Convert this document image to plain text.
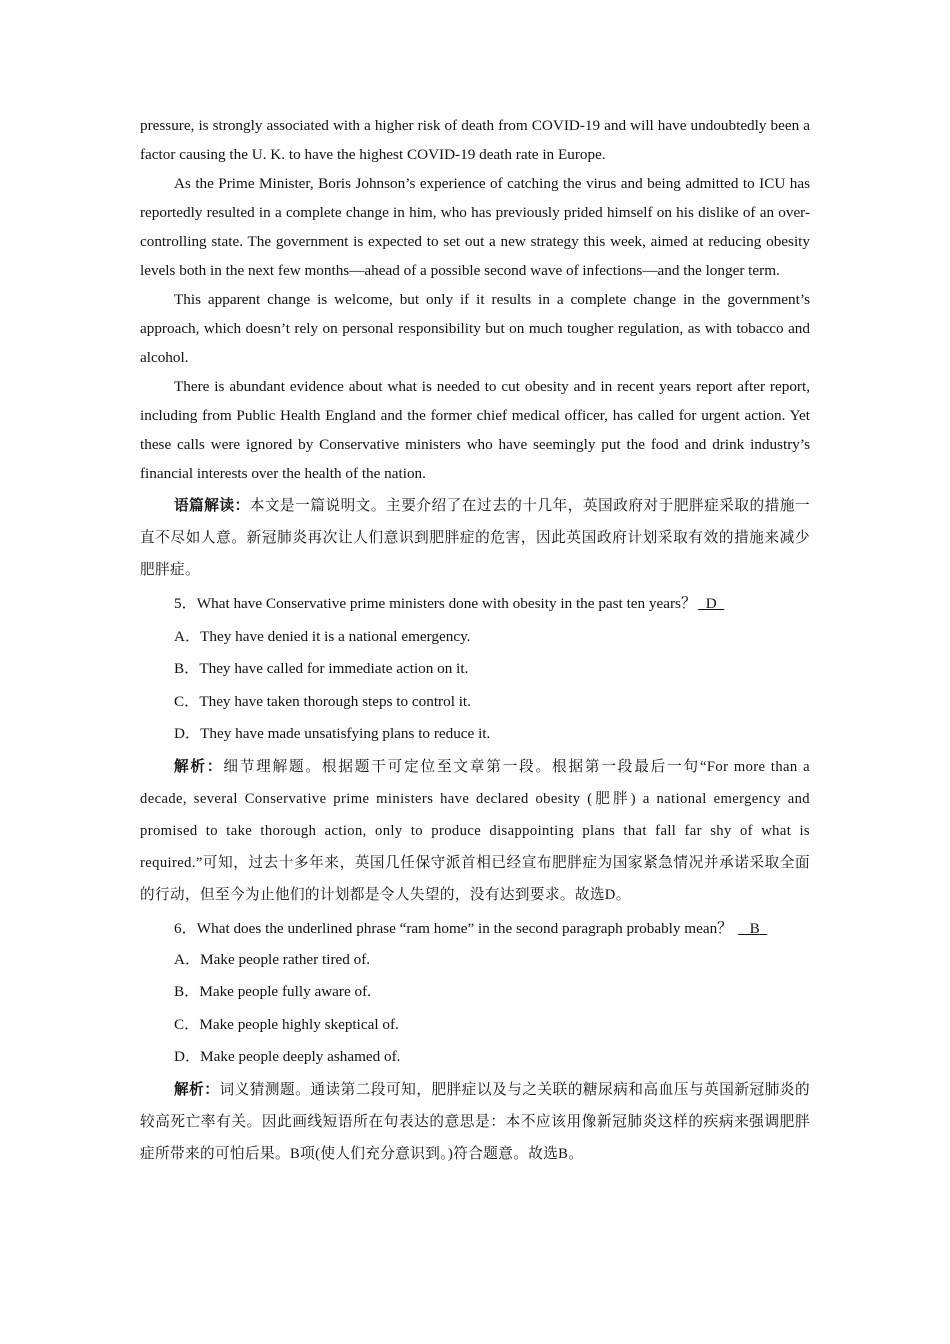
pressure, is strongly associated with a higher risk of death from COVID-19 and will have undoubtedly been a factor causing the U. K. to have the highest COVID-19 death rate in Europe.

As the Prime Minister, Boris Johnson’s experience of catching the virus and being admitted to ICU has reportedly resulted in a complete change in him, who has previously prided himself on his dislike of an over-controlling state. The government is expected to set out a new strategy this week, aimed at reducing obesity levels both in the next few months—ahead of a possible second wave of infections—and the longer term.

This apparent change is welcome, but only if it results in a complete change in the government’s approach, which doesn’t rely on personal responsibility but on much tougher regulation, as with tobacco and alcohol.

There is abundant evidence about what is needed to cut obesity and in recent years report after report, including from Public Health England and the former chief medical officer, has called for urgent action. Yet these calls were ignored by Conservative ministers who have seemingly put the food and drink industry’s financial interests over the health of the nation.

语篇解读：本文是一篇说明文。主要介绍了在过去的十几年，英国政府对于肥胖症采取的措施一直不尽如人意。新冠肺炎再次让人们意识到肥胖症的危害，因此英国政府计划采取有效的措施来减少肥胖症。

5．What have Conservative prime ministers done with obesity in the past ten years？ D

A．They have denied it is a national emergency.

B．They have called for immediate action on it.

C．They have taken thorough steps to control it.

D．They have made unsatisfying plans to reduce it.

解析：细节理解题。根据题干可定位至文章第一段。根据第一段最后一句“For more than a decade, several Conservative prime ministers have declared obesity (肥胖) a national emergency and promised to take thorough action, only to produce disappointing plans that fall far shy of what is required.”可知，过去十多年来，英国几任保守派首相已经宣布肥胖症为国家紧急情况并承诺采取全面的行动，但至今为止他们的计划都是令人失望的，没有达到要求。故选D。

6．What does the underlined phrase “ram home” in the second paragraph probably mean？ B

A．Make people rather tired of.

B．Make people fully aware of.

C．Make people highly skeptical of.

D．Make people deeply ashamed of.

解析：词义猜测题。通读第二段可知，肥胖症以及与之关联的糖尿病和高血压与英国新冠肺炎的较高死亡率有关。因此画线短语所在句表达的意思是：本不应该用像新冠肺炎这样的疾病来强调肥胖症所带来的可怕后果。B项(使人们充分意识到。)符合题意。故选B。
